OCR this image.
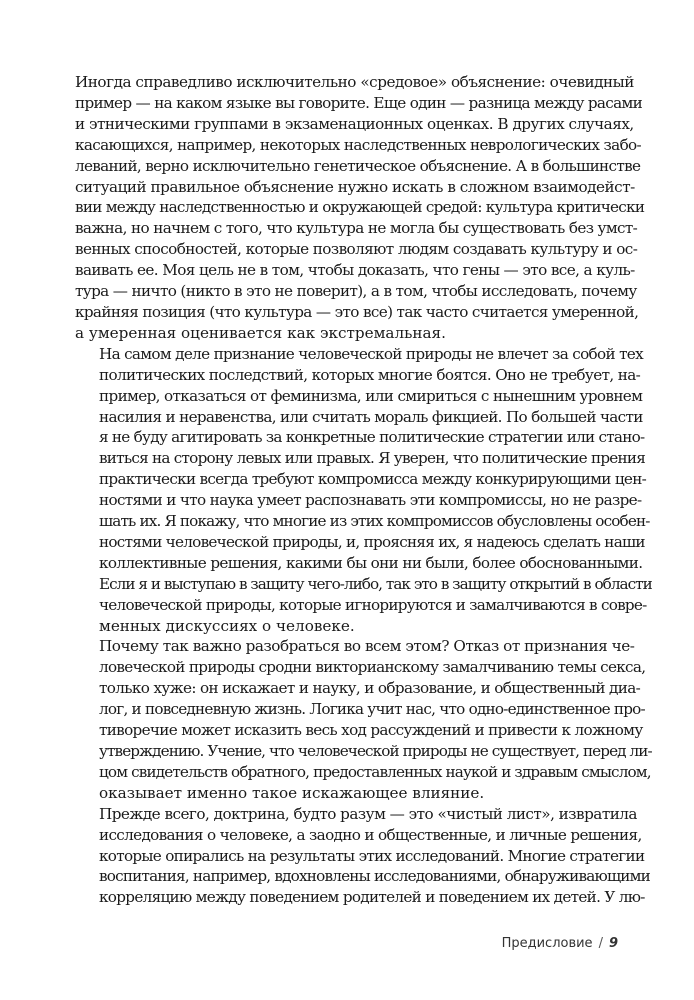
Иногда справедливо исключительно «средовое» объяснение: очевидный
пример — на каком языке вы говорите. Еще один — разница между расами
и этническими группами в экзаменационных оценках. В других случаях,
касающихся, например, некоторых наследственных неврологических забо-
леваний, верно исключительно генетическое объяснение. А в большинстве
ситуаций правильное объяснение нужно искать в сложном взаимодейст-
вии между наследственностью и окружающей средой: культура критически
важна, но начнем с того, что культура не могла бы существовать без умст-
венных способностей, которые позволяют людям создавать культуру и ос-
ваивать ее. Моя цель не в том, чтобы доказать, что гены — это все, а куль-
тура — ничто (никто в это не поверит), а в том, чтобы исследовать, почему
крайняя позиция (что культура — это все) так часто считается умеренной,
а умеренная оценивается как экстремальная.

На самом деле признание человеческой природы не влечет за собой тех
политических последствий, которых многие боятся. Оно не требует, на-
пример, отказаться от феминизма, или смириться с нынешним уровнем
насилия и неравенства, или считать мораль фикцией. По большей части
я не буду агитировать за конкретные политические стратегии или стано-
виться на сторону левых или правых. Я уверен, что политические прения
практически всегда требуют компромисса между конкурирующими цен-
ностями и что наука умеет распознавать эти компромиссы, но не разре-
шать их. Я покажу, что многие из этих компромиссов обусловлены особен-
ностями человеческой природы, и, проясняя их, я надеюсь сделать наши
коллективные решения, какими бы они ни были, более обоснованными.
Если я и выступаю в защиту чего-либо, так это в защиту открытий в области
человеческой природы, которые игнорируются и замалчиваются в совре-
менных дискуссиях о человеке.

Почему так важно разобраться во всем этом? Отказ от признания че-
ловеческой природы сродни викторианскому замалчиванию темы секса,
только хуже: он искажает и науку, и образование, и общественный диа-
лог, и повседневную жизнь. Логика учит нас, что одно-единственное про-
тиворечие может исказить весь ход рассуждений и привести к ложному
утверждению. Учение, что человеческой природы не существует, перед ли-
цом свидетельств обратного, предоставленных наукой и здравым смыслом,
оказывает именно такое искажающее влияние.

Прежде всего, доктрина, будто разум — это «чистый лист», извратила
исследования о человеке, а заодно и общественные, и личные решения,
которые опирались на результаты этих исследований. Многие стратегии
воспитания, например, вдохновлены исследованиями, обнаруживающими
корреляцию между поведением родителей и поведением их детей. У лю-

Предисловие / 9
